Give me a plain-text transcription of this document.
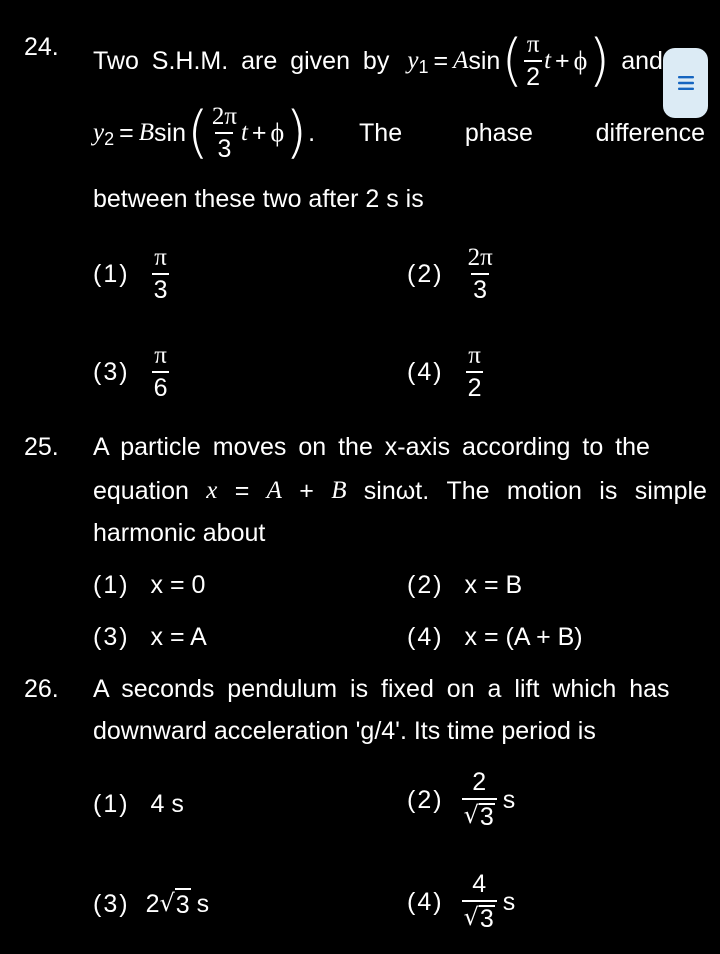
24. Two S.H.M. are given by $y_1 = A$ sin ( $\frac{\pi}{2}$ t + ϕ ) and
$y_2 = B$ sin ( $\frac{2\pi}{3}$ t + ϕ ) . The	phase	difference
between these two after 2 s is
$(1) \frac{\pi}{3}$	$(2) \frac{2\pi}{3}$
$(3) \frac{\pi}{6}$	$(4) \frac{\pi}{2}$
25. A particle moves on the x-axis according to the
equation x = A + B sinωt. The motion is simple
harmonic about
(1) x = 0	(2) x = B
(3) x = A	(4) x = (A + B)
26. A seconds pendulum is fixed on a lift which has
downward acceleration 'g/4'. Its time period is
(1) 4 s	$(2) \frac{2}{√ 3}$ s
(3) 2 √ 3 s	$(4) \frac{4}{√ 3}$ s
